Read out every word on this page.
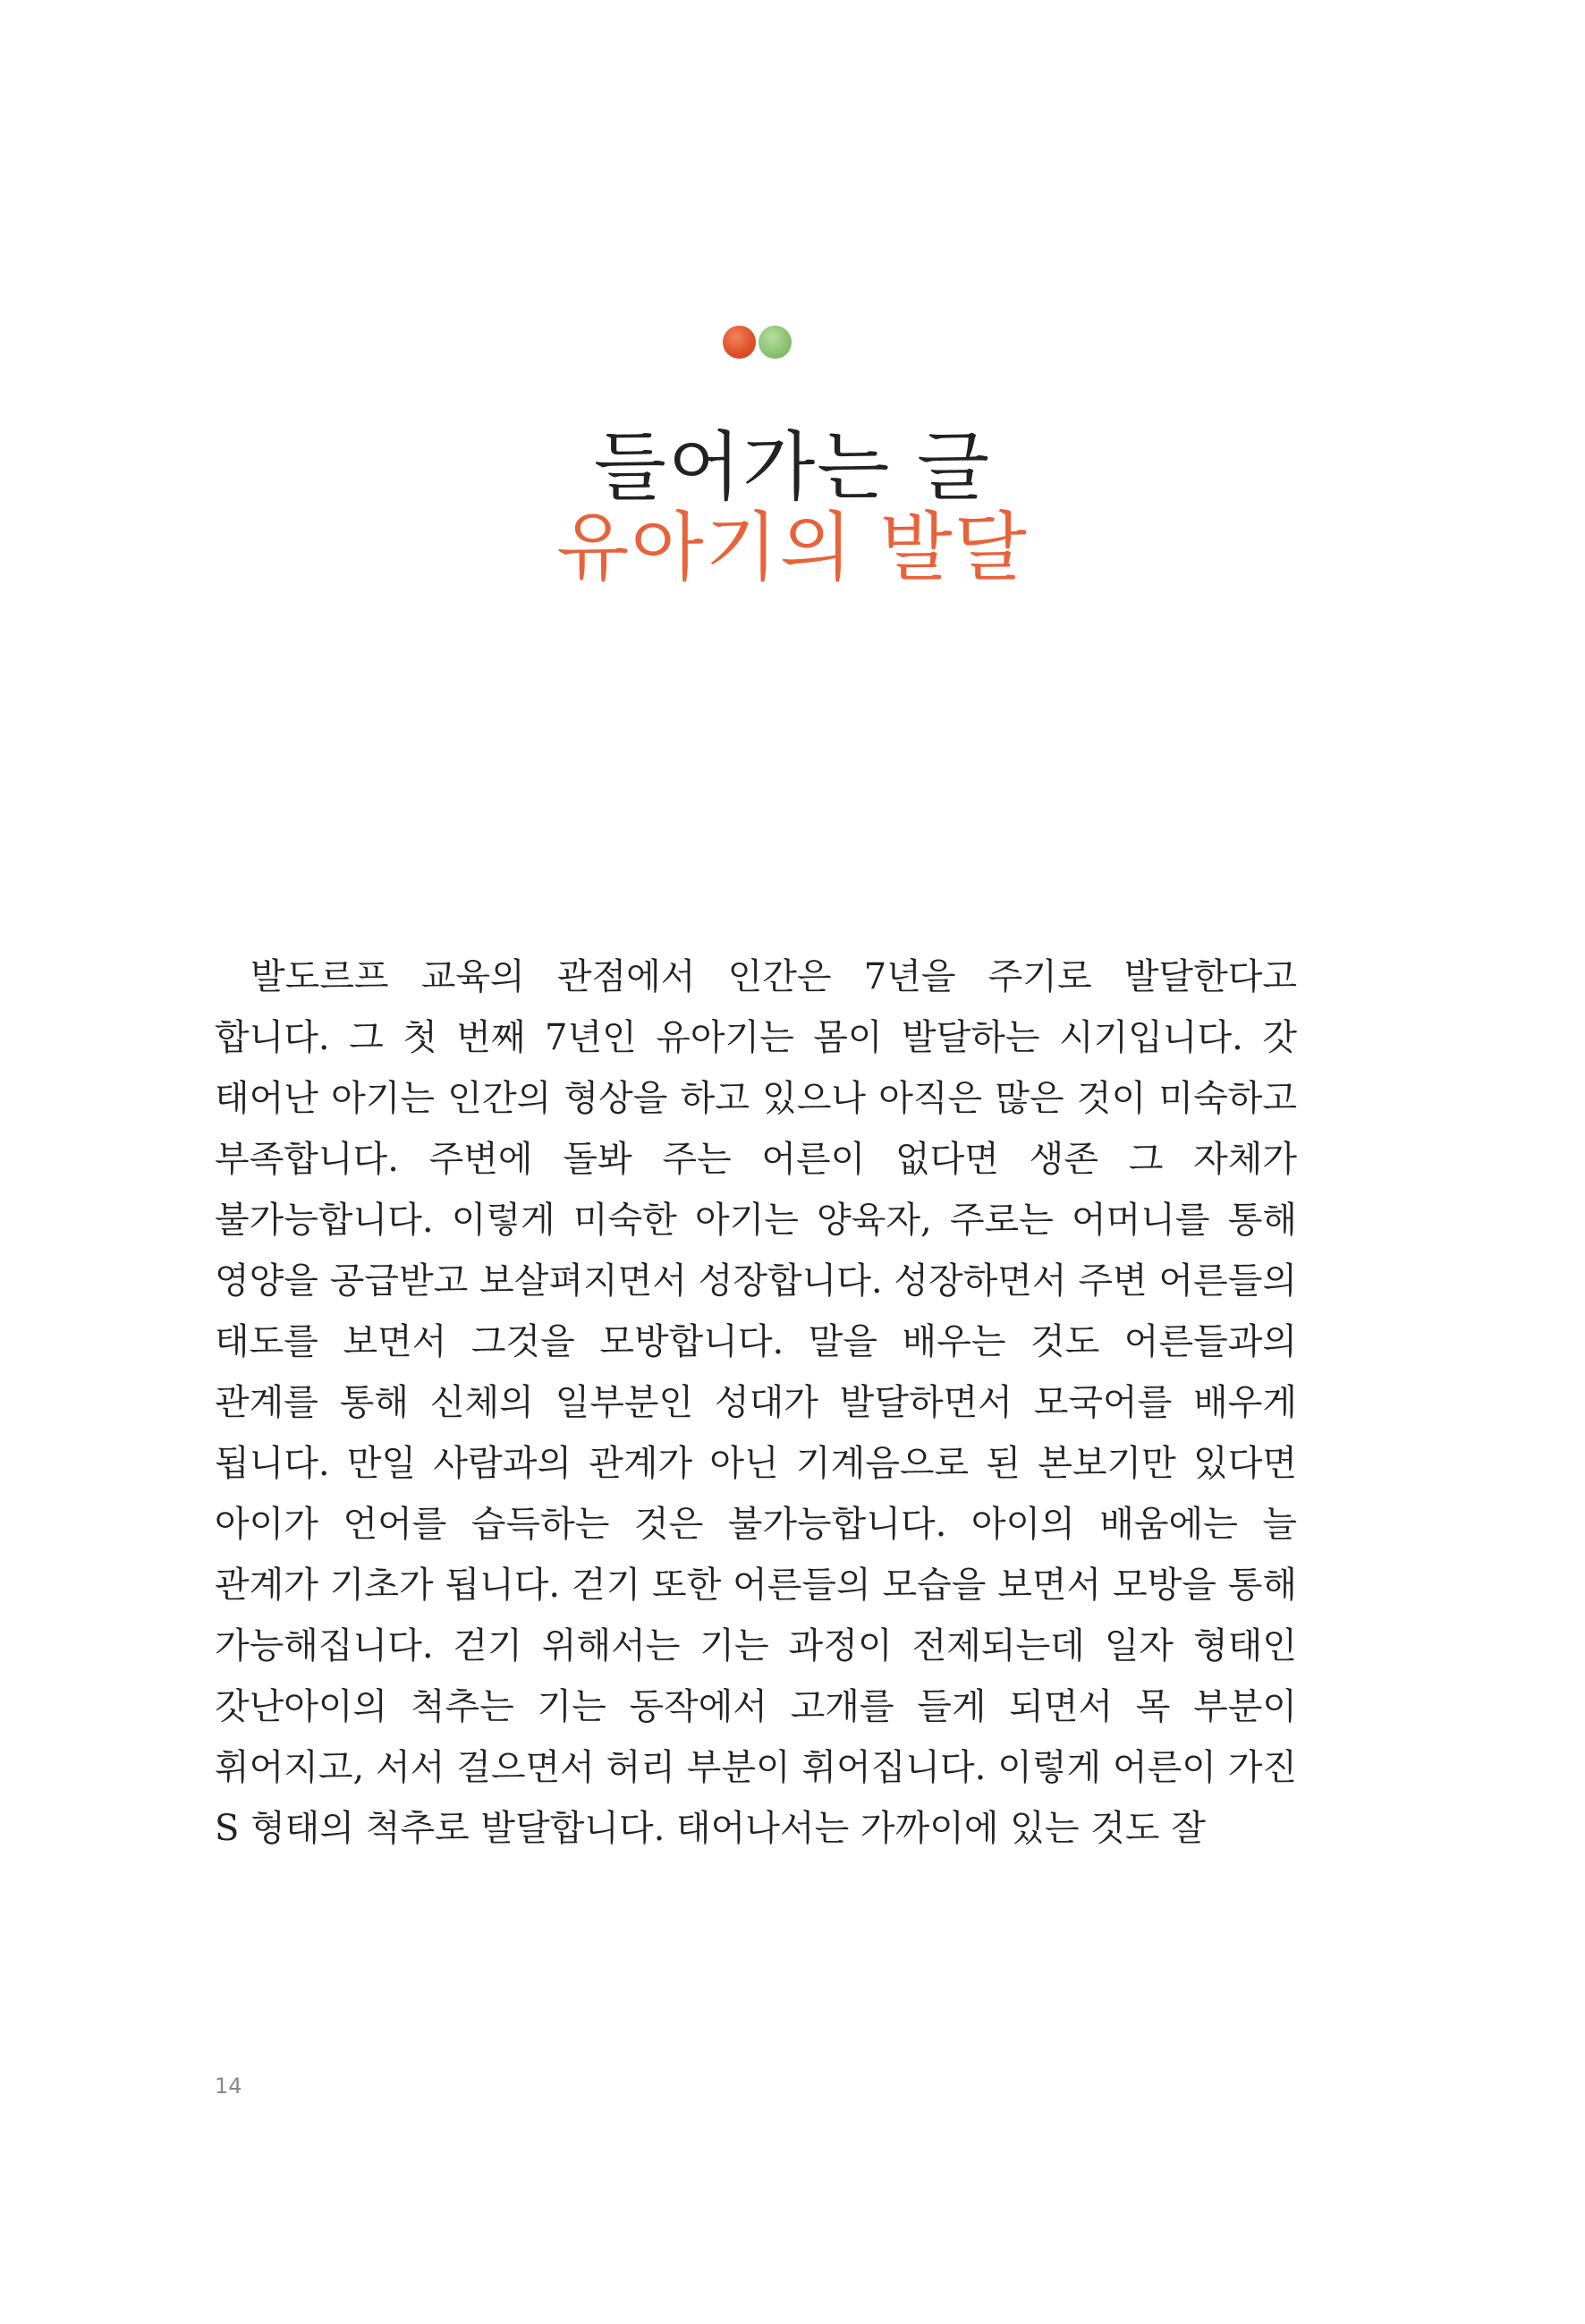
들어가는 글
유아기의 발달

발도르프 교육의 관점에서 인간은 7년을 주기로 발달한다고 합니다. 그 첫 번째 7년인 유아기는 몸이 발달하는 시기입니다. 갓 태어난 아기는 인간의 형상을 하고 있으나 아직은 많은 것이 미숙하고 부족합니다. 주변에 돌봐 주는 어른이 없다면 생존 그 자체가 불가능합니다. 이렇게 미숙한 아기는 양육자, 주로는 어머니를 통해 영양을 공급받고 보살펴지면서 성장합니다. 성장하면서 주변 어른들의 태도를 보면서 그것을 모방합니다. 말을 배우는 것도 어른들과의 관계를 통해 신체의 일부분인 성대가 발달하면서 모국어를 배우게 됩니다. 만일 사람과의 관계가 아닌 기계음으로 된 본보기만 있다면 아이가 언어를 습득하는 것은 불가능합니다. 아이의 배움에는 늘 관계가 기초가 됩니다. 걷기 또한 어른들의 모습을 보면서 모방을 통해 가능해집니다. 걷기 위해서는 기는 과정이 전제되는데 일자 형태인 갓난아이의 척추는 기는 동작에서 고개를 들게 되면서 목 부분이 휘어지고, 서서 걸으면서 허리 부분이 휘어집니다. 이렇게 어른이 가진 S 형태의 척추로 발달합니다. 태어나서는 가까이에 있는 것도 잘

14
